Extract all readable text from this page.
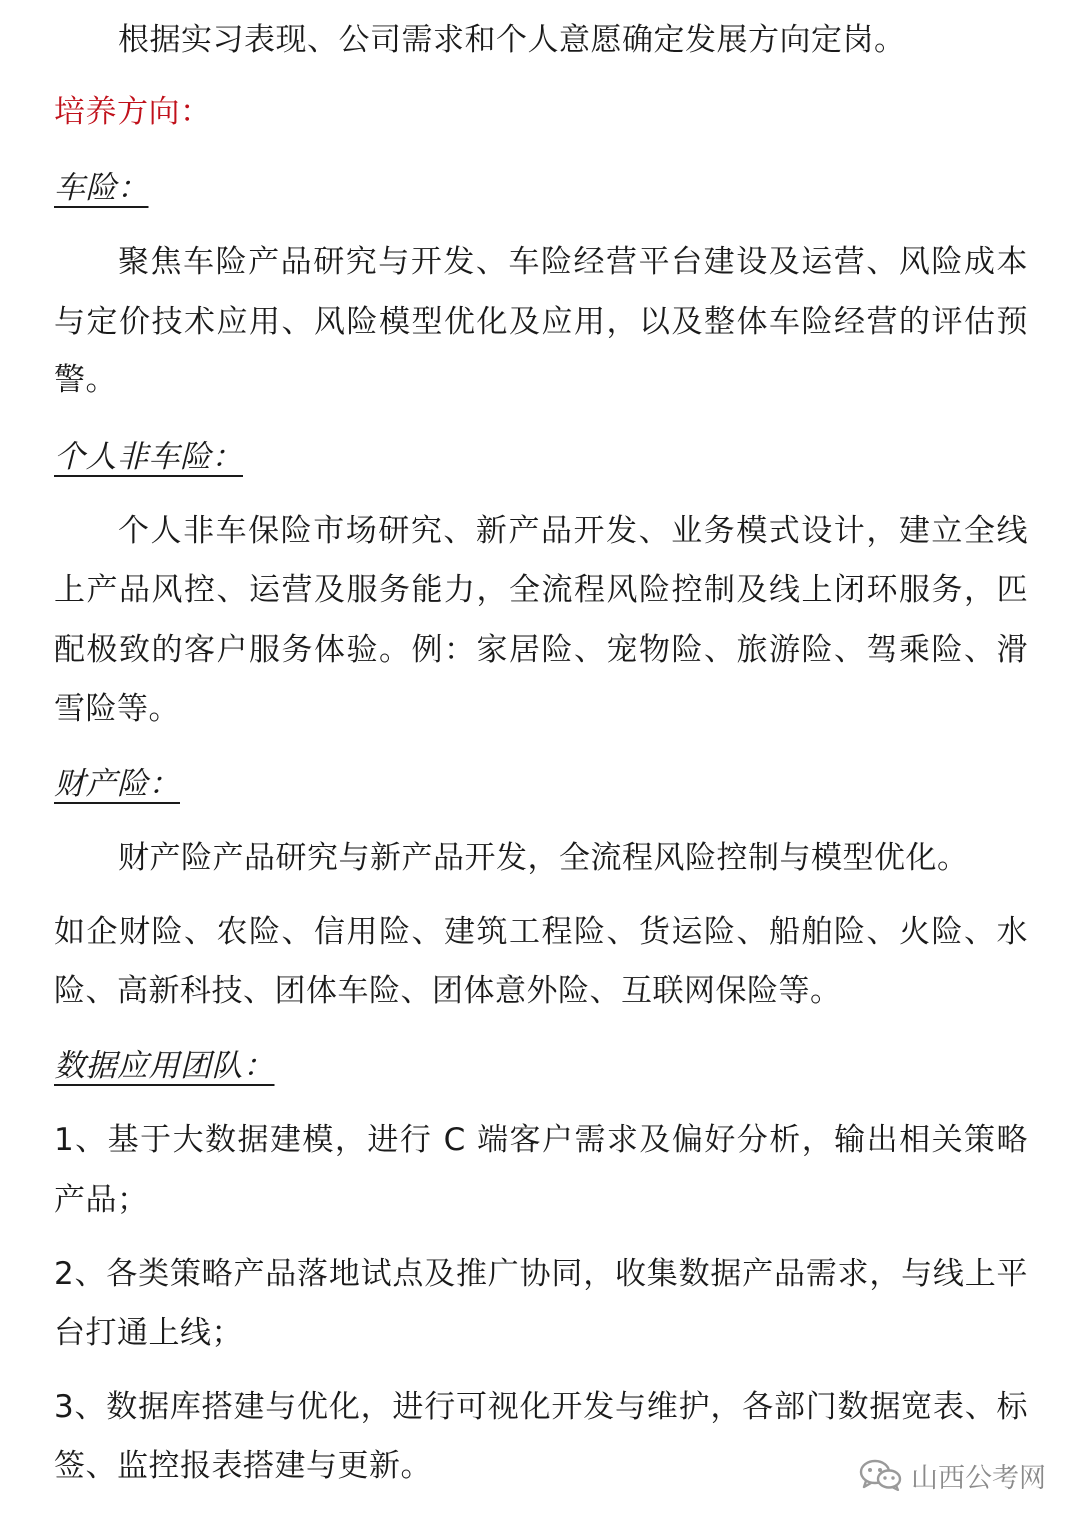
根据实习表现、公司需求和个人意愿确定发展方向定岗。
培养方向：
车险：
聚焦车险产品研究与开发、车险经营平台建设及运营、风险成本
与定价技术应用、风险模型优化及应用，以及整体车险经营的评估预
警。
个人非车险：
个人非车保险市场研究、新产品开发、业务模式设计，建立全线
上产品风控、运营及服务能力，全流程风险控制及线上闭环服务，匹
配极致的客户服务体验。例：家居险、宠物险、旅游险、驾乘险、滑
雪险等。
财产险：
财产险产品研究与新产品开发，全流程风险控制与模型优化。
如企财险、农险、信用险、建筑工程险、货运险、船舶险、火险、水
险、高新科技、团体车险、团体意外险、互联网保险等。
数据应用团队：
1、基于大数据建模，进行 C 端客户需求及偏好分析，输出相关策略
产品；
2、各类策略产品落地试点及推广协同，收集数据产品需求，与线上平
台打通上线；
3、数据库搭建与优化，进行可视化开发与维护，各部门数据宽表、标
签、监控报表搭建与更新。	山西公考网
